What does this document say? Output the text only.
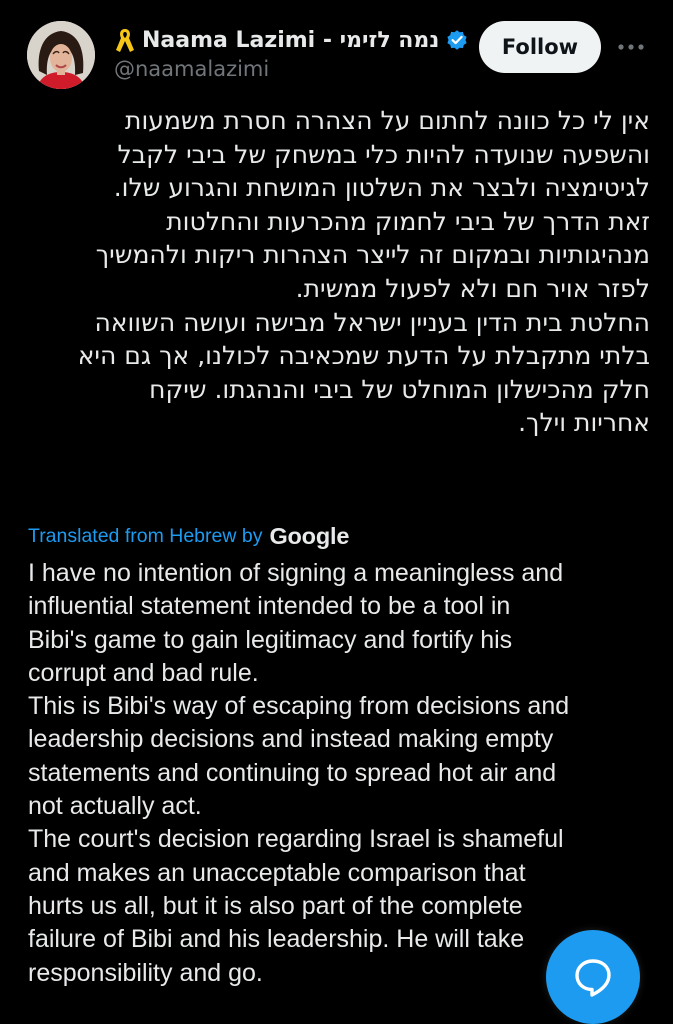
Naama Lazimi - נמה לזימי
@naamalazimi
Follow
אין לי כל כוונה לחתום על הצהרה חסרת משמעות
והשפעה שנועדה להיות כלי במשחק של ביבי לקבל
לגיטימציה ולבצר את השלטון המושחת והגרוע שלו.
זאת הדרך של ביבי לחמוק מהכרעות והחלטות
מנהיגותיות ובמקום זה לייצר הצהרות ריקות ולהמשיך
לפזר אויר חם ולא לפעול ממשית.
החלטת בית הדין בעניין ישראל מבישה ועושה השוואה
בלתי מתקבלת על הדעת שמכאיבה לכולנו, אך גם היא
חלק מהכישלון המוחלט של ביבי והנהגתו. שיקח
אחריות וילך.
Translated from Hebrew by Google
I have no intention of signing a meaningless and
influential statement intended to be a tool in
Bibi's game to gain legitimacy and fortify his
corrupt and bad rule.
This is Bibi's way of escaping from decisions and
leadership decisions and instead making empty
statements and continuing to spread hot air and
not actually act.
The court's decision regarding Israel is shameful
and makes an unacceptable comparison that
hurts us all, but it is also part of the complete
failure of Bibi and his leadership. He will take
responsibility and go.
